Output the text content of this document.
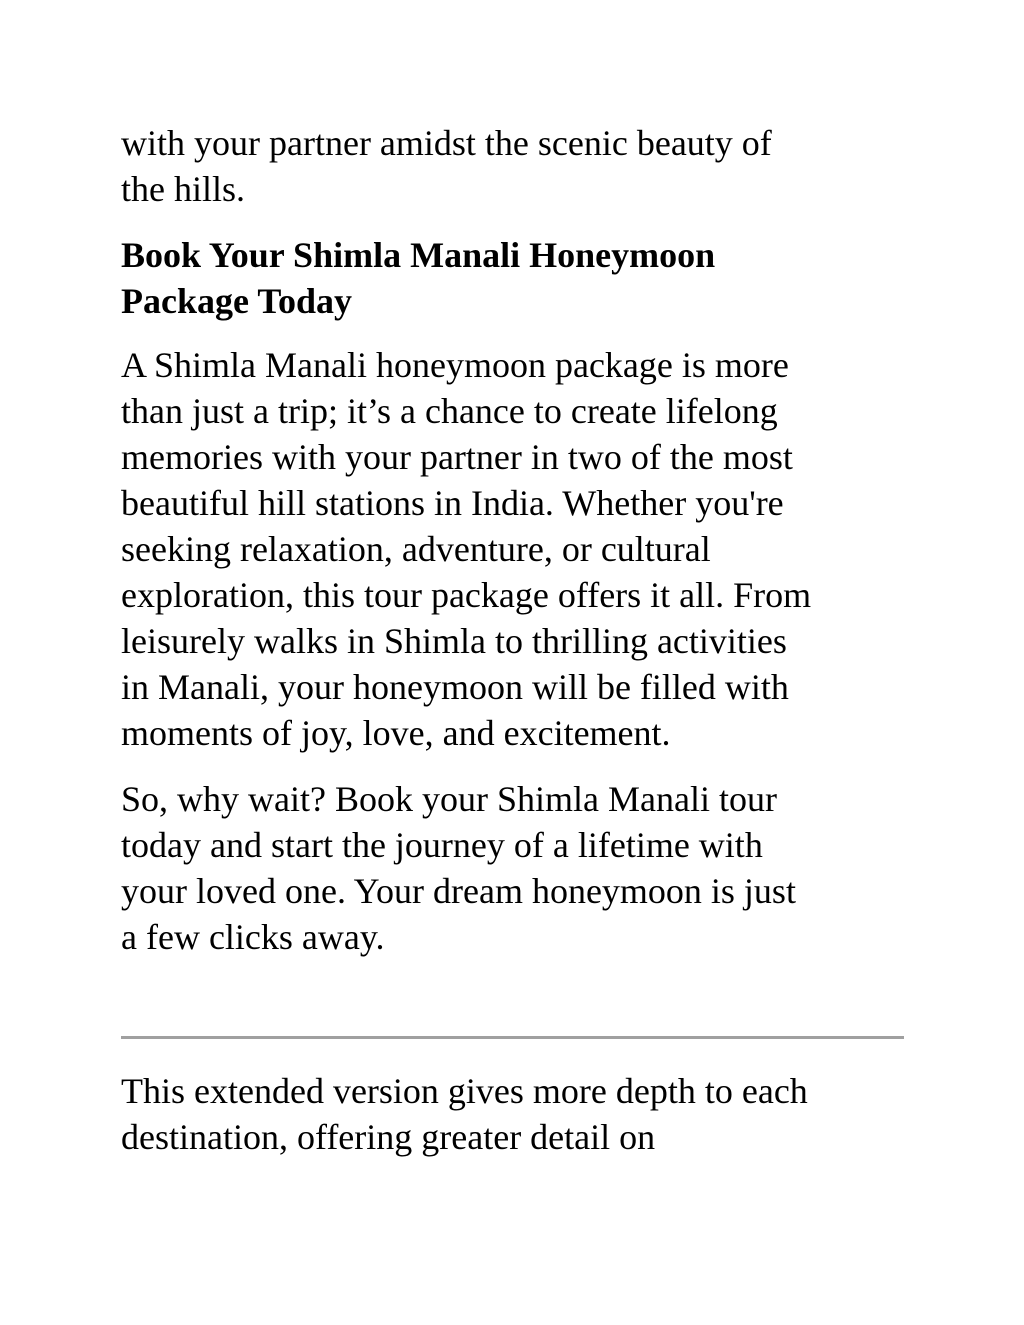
with your partner amidst the scenic beauty of
the hills.

Book Your Shimla Manali Honeymoon
Package Today

A Shimla Manali honeymoon package is more
than just a trip; it’s a chance to create lifelong
memories with your partner in two of the most
beautiful hill stations in India. Whether you're
seeking relaxation, adventure, or cultural
exploration, this tour package offers it all. From
leisurely walks in Shimla to thrilling activities
in Manali, your honeymoon will be filled with
moments of joy, love, and excitement.

So, why wait? Book your Shimla Manali tour
today and start the journey of a lifetime with
your loved one. Your dream honeymoon is just
a few clicks away.

This extended version gives more depth to each
destination, offering greater detail on
